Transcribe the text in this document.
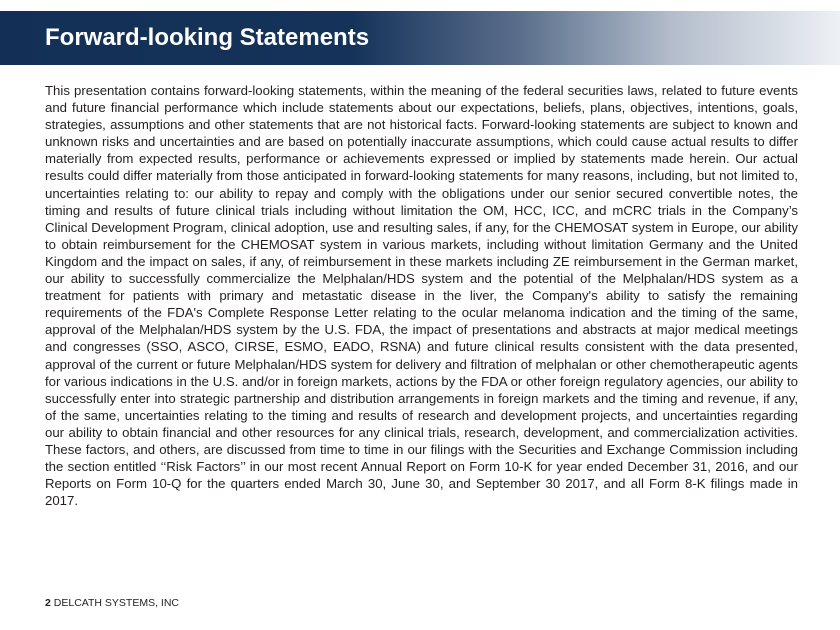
Forward-looking Statements

This presentation contains forward-looking statements, within the meaning of the federal securities laws, related to future events and future financial performance which include statements about our expectations, beliefs, plans, objectives, intentions, goals, strategies, assumptions and other statements that are not historical facts. Forward-looking statements are subject to known and unknown risks and uncertainties and are based on potentially inaccurate assumptions, which could cause actual results to differ materially from expected results, performance or achievements expressed or implied by statements made herein. Our actual results could differ materially from those anticipated in forward-looking statements for many reasons, including, but not limited to, uncertainties relating to: our ability to repay and comply with the obligations under our senior secured convertible notes, the timing and results of future clinical trials including without limitation the OM, HCC, ICC, and mCRC trials in the Company’s Clinical Development Program, clinical adoption, use and resulting sales, if any, for the CHEMOSAT system in Europe, our ability to obtain reimbursement for the CHEMOSAT system in various markets, including without limitation Germany and the United Kingdom and the impact on sales, if any, of reimbursement in these markets including ZE reimbursement in the German market, our ability to successfully commercialize the Melphalan/HDS system and the potential of the Melphalan/HDS system as a treatment for patients with primary and metastatic disease in the liver, the Company's ability to satisfy the remaining requirements of the FDA's Complete Response Letter relating to the ocular melanoma indication and the timing of the same, approval of the Melphalan/HDS system by the U.S. FDA, the impact of presentations and abstracts at major medical meetings and congresses (SSO, ASCO, CIRSE, ESMO, EADO, RSNA) and future clinical results consistent with the data presented, approval of the current or future Melphalan/HDS system for delivery and filtration of melphalan or other chemotherapeutic agents for various indications in the U.S. and/or in foreign markets, actions by the FDA or other foreign regulatory agencies, our ability to successfully enter into strategic partnership and distribution arrangements in foreign markets and the timing and revenue, if any, of the same, uncertainties relating to the timing and results of research and development projects, and uncertainties regarding our ability to obtain financial and other resources for any clinical trials, research, development, and commercialization activities. These factors, and others, are discussed from time to time in our filings with the Securities and Exchange Commission including the section entitled ‘‘Risk Factors’’ in our most recent Annual Report on Form 10-K for year ended December 31, 2016, and our Reports on Form 10-Q for the quarters ended March 30, June 30, and September 30 2017, and all Form 8-K filings made in 2017.

2 DELCATH SYSTEMS, INC
